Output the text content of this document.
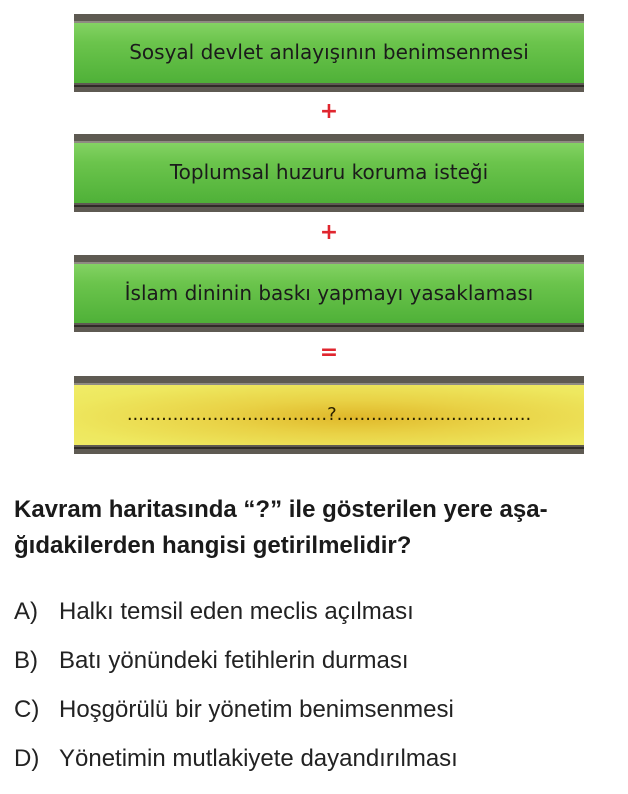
Sosyal devlet anlayışının benimsenmesi
+
Toplumsal huzuru koruma isteği
+
İslam dininin baskı yapmayı yasaklaması
=
...................................?..................................
Kavram haritasında “?” ile gösterilen yere aşa-
ğıdakilerden hangisi getirilmelidir?
A) Halkı temsil eden meclis açılması
B) Batı yönündeki fetihlerin durması
C) Hoşgörülü bir yönetim benimsenmesi
D) Yönetimin mutlakiyete dayandırılması
